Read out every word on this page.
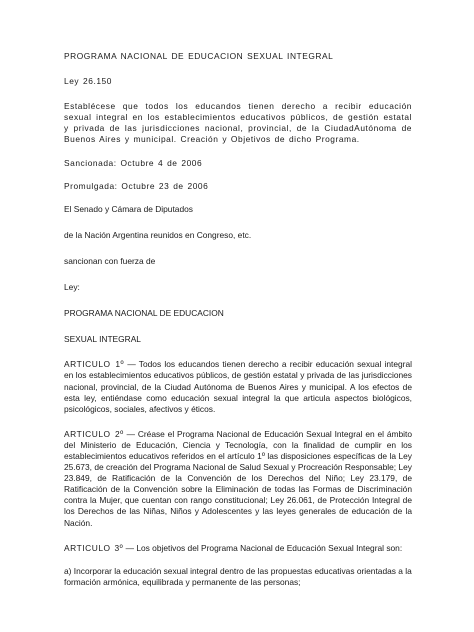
PROGRAMA NACIONAL DE EDUCACION SEXUAL INTEGRAL

Ley 26.150

Establécese que todos los educandos tienen derecho a recibir educación sexual integral en los establecimientos educativos públicos, de gestión estatal y privada de las jurisdicciones nacional, provincial, de la CiudadAutónoma de Buenos Aires y municipal. Creación y Objetivos de dicho Programa.

Sancionada: Octubre 4 de 2006

Promulgada: Octubre 23 de 2006

El Senado y Cámara de Diputados

de la Nación Argentina reunidos en Congreso, etc.

sancionan con fuerza de

Ley:

PROGRAMA NACIONAL DE EDUCACION

SEXUAL INTEGRAL

ARTICULO 1º — Todos los educandos tienen derecho a recibir educación sexual integral en los establecimientos educativos públicos, de gestión estatal y privada de las jurisdicciones nacional, provincial, de la Ciudad Autónoma de Buenos Aires y municipal. A los efectos de esta ley, entiéndase como educación sexual integral la que articula aspectos biológicos, psicológicos, sociales, afectivos y éticos.

ARTICULO 2º — Créase el Programa Nacional de Educación Sexual Integral en el ámbito del Ministerio de Educación, Ciencia y Tecnología, con la finalidad de cumplir en los establecimientos educativos referidos en el artículo 1º las disposiciones específicas de la Ley 25.673, de creación del Programa Nacional de Salud Sexual y Procreación Responsable; Ley 23.849, de Ratificación de la Convención de los Derechos del Niño; Ley 23.179, de Ratificación de la Convención sobre la Eliminación de todas las Formas de Discriminación contra la Mujer, que cuentan con rango constitucional; Ley 26.061, de Protección Integral de los Derechos de las Niñas, Niños y Adolescentes y las leyes generales de educación de la Nación.

ARTICULO 3º — Los objetivos del Programa Nacional de Educación Sexual Integral son:

a) Incorporar la educación sexual integral dentro de las propuestas educativas orientadas a la formación armónica, equilibrada y permanente de las personas;
